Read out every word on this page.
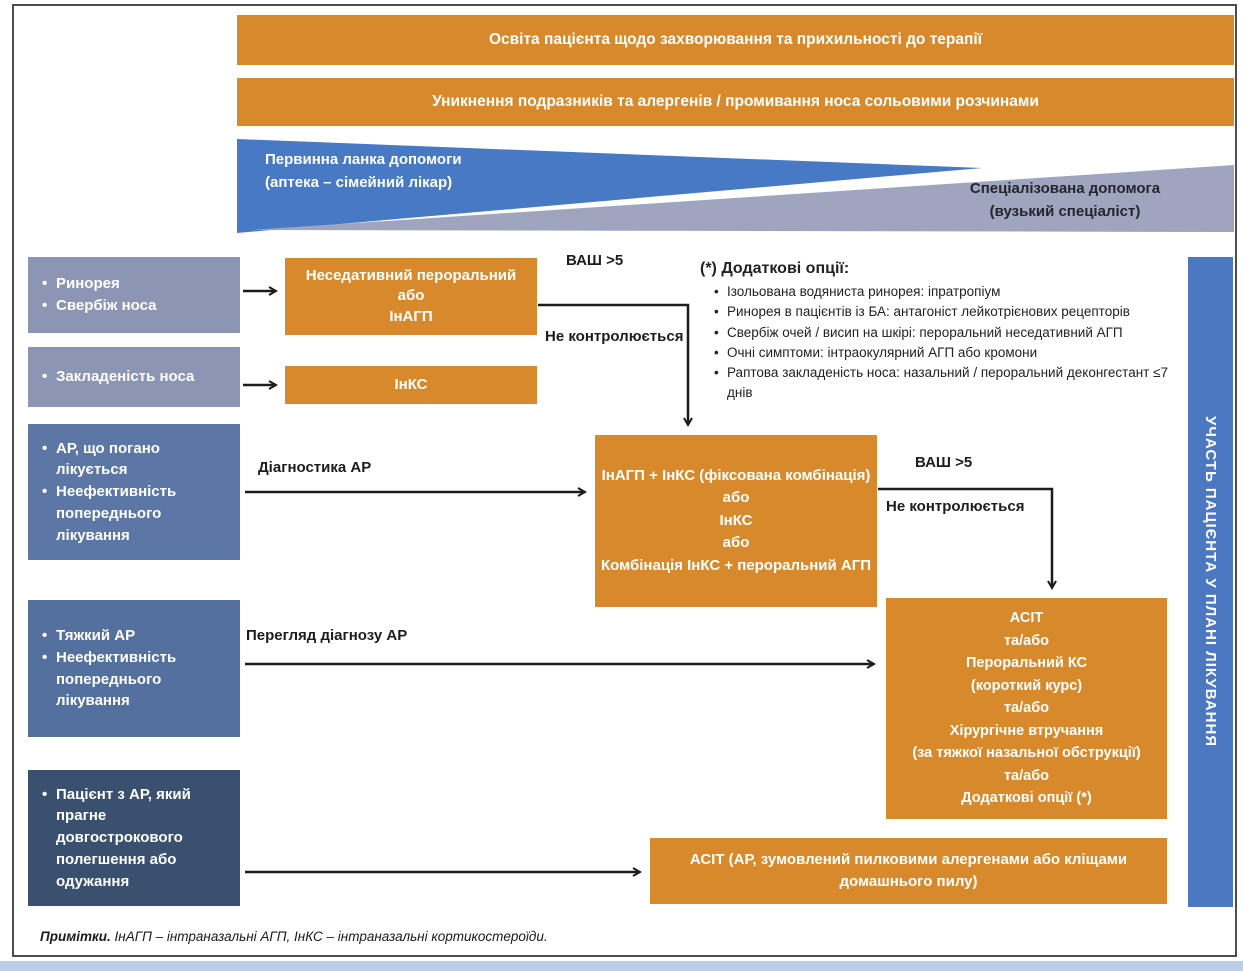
Освіта пацієнта щодо захворювання та прихильності до терапії
Уникнення подразників та алергенів / промивання носа сольовими розчинами
Первинна ланка допомоги
(аптека – сімейний лікар)	Спеціалізована допомога
(вузький спеціаліст)
• Ринорея
• Свербіж носа
• Закладеність носа
• АР, що погано лікується
• Неефективність попереднього лікування
• Тяжкий АР
• Неефективність попереднього лікування
• Пацієнт з АР, який прагне довгострокового полегшення або одужання
Неседативний пероральний
або
ІнАГП
ІнКС
ІнАГП + ІнКС (фіксована комбінація)
або
ІнКС
або
Комбінація ІнКС + пероральний АГП
АСІТ
та/або
Пероральний КС
(короткий курс)
та/або
Хірургічне втручання
(за тяжкої назальної обструкції)
та/або
Додаткові опції (*)
АСІТ (АР, зумовлений пилковими алергенами або кліщами домашнього пилу)
ВАШ >5
Не контролюється
Діагностика АР	ВАШ >5
Не контролюється
Перегляд діагнозу АР
(*) Додаткові опції:
• Ізольована водяниста ринорея: іпратропіум
• Ринорея в пацієнтів із БА: антагоніст лейкотрієнових рецепторів
• Свербіж очей / висип на шкірі: пероральний неседативний АГП
• Очні симптоми: інтраокулярний АГП або кромони
• Раптова закладеність носа: назальний / пероральний деконгестант ≤7 днів
УЧАСТЬ ПАЦІЄНТА У ПЛАНІ ЛІКУВАННЯ
Примітки. ІнАГП – інтраназальні АГП, ІнКС – інтраназальні кортикостероїди.
